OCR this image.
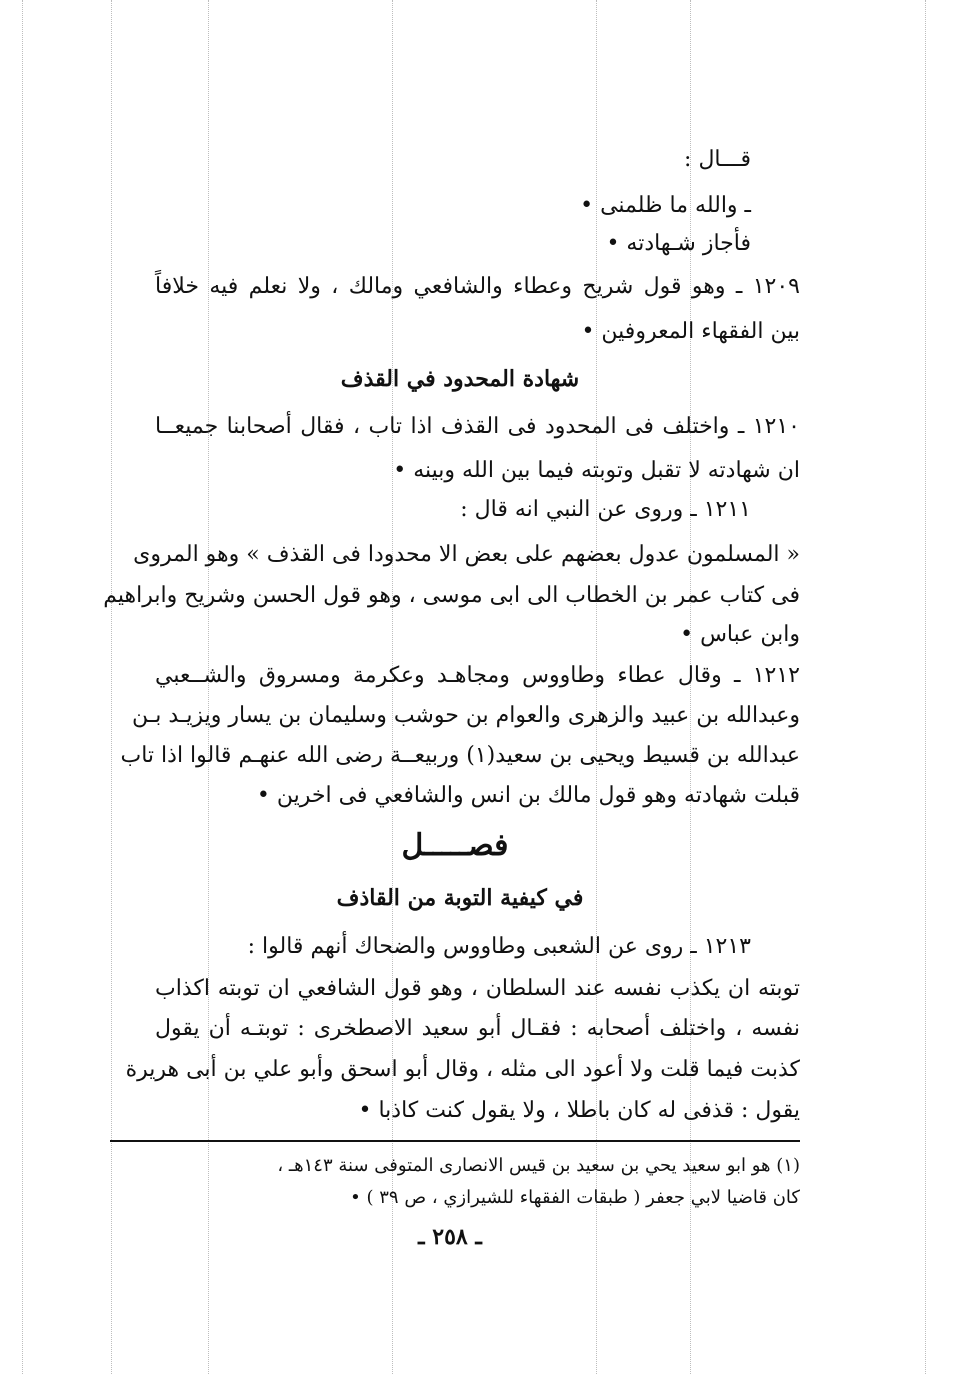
قـــال :
ـ والله ما ظلمنى •
فأجاز شـهادته •
١٢٠٩ ـ وهو قول شريح وعطاء والشافعي ومالك ، ولا نعلم فيه خلافاً
بين الفقهاء المعروفين •
شهادة المحدود في القذف
١٢١٠ ـ واختلف فى المحدود فى القذف اذا تاب ، فقال أصحابنا جميعــا
ان شهادته لا تقبل وتوبته فيما بين الله وبينه •
١٢١١ ـ وروى عن النبي انه قال :
« المسلمون عدول بعضهم على بعض الا محدودا فى القذف » وهو المروى
فى كتاب عمر بن الخطاب الى ابى موسى ، وهو قول الحسن وشريح وابراهيم
وابن عباس •
١٢١٢ ـ وقال عطاء وطاووس ومجاهـد وعكرمة ومسروق والشــعبي
وعبدالله بن عبيد والزهرى والعوام بن حوشب وسليمان بن يسار ويزيـد بـن
عبدالله بن قسيط ويحيى بن سعيد(١) وربيعــة رضى الله عنهـم قالوا اذا تاب
قبلت شهادته وهو قول مالك بن انس والشافعي فى اخرين •
فصـــــل
في كيفية التوبة من القاذف
١٢١٣ ـ روى عن الشعبى وطاووس والضحاك أنهم قالوا :
توبته ان يكذب نفسه عند السلطان ، وهو قول الشافعي ان توبته اكذاب
نفسه ، واختلف أصحابه : فقـال أبو سعيد الاصطخرى : توبتـه أن يقول
كذبت فيما قلت ولا أعود الى مثله ، وقال أبو اسحق وأبو علي بن أبى هريرة
يقول : قذفى له كان باطلا ، ولا يقول كنت كاذبا •
(١) هو ابو سعيد يحي بن سعيد بن قيس الانصارى المتوفى سنة ١٤٣هـ ،
كان قاضيا لابي جعفر ( طبقات الفقهاء للشيرازي ، ص ٣٩ ) •
ـ ٢٥٨ ـ
